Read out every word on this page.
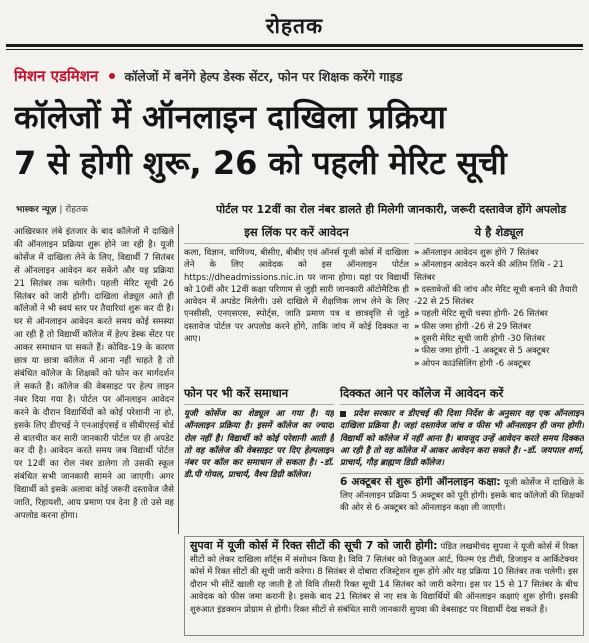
रोहतक
मिशन एडमिशन कॉलेजों में बनेंगे हेल्प डेस्क सेंटर, फोन पर शिक्षक करेंगे गाइड
कॉलेजों में ऑनलाइन दाखिला प्रक्रिया
7 से होगी शुरू, 26 को पहली मेरिट सूची
भास्कर न्यूज़ | रोहतक	पोर्टल पर 12वीं का रोल नंबर डालते ही मिलेगी जानकारी, जरूरी दस्तावेज होंगे अपलोड
आखिरकार लंबे इंतजार के बाद कॉलेजों में दाखिले की ऑनलाइन प्रक्रिया शुरू होने जा रही है। यूजी कोर्सेज में दाखिला लेने के लिए, विद्यार्थी 7 सितंबर से ऑनलाइन आवेदन कर सकेंगे और यह प्रक्रिया 21 सितंबर तक चलेगी। पहली मेरिट सूची 26 सितंबर को जारी होगी। दाखिला शेड्यूल आते ही कॉलेजों ने भी स्वयं स्तर पर तैयारियां शुरू कर दी है। घर से ऑनलाइन आवेदन करते समय कोई समस्या आ रही है तो विद्यार्थी कॉलेज में हेल्प डेस्क सेंटर पर आकर समाधान पा सकते हैं। कोविड-19 के कारण छात्र या छात्रा कॉलेज में आना नहीं चाहते है तो संबंधित कॉलेज के शिक्षकों को फोन कर मार्गदर्शन ले सकते हैं। कॉलेज की वेबसाइट पर हेल्प लाइन नंबर दिया गया है। पोर्टल पर ऑनलाइन आवेदन करने के दौरान विद्यार्थियों को कोई परेशानी ना हो, इसके लिए डीएचई ने एनआईएसई व सीबीएसई बोर्ड से बातचीत कर सारी जानकारी पोर्टल पर ही अपडेट कर दी है। आवेदन करते समय जब विद्यार्थी पोर्टल पर 12वीं का रोल नंबर डालेगा तो उसकी स्कूल संबंधित सभी जानकारी सामने आ जाएगी। अगर विद्यार्थी को इसके अलावा कोई जरूरी दस्तावेज जैसे जाति, रिहायशी, आय प्रमाण पत्र देना है तो उसे वह अपलोड करना होगा।
इस लिंक पर करें आवेदन
कला, विज्ञान, वाणिज्य, बीसीए, बीबीए एवं ऑनर्स यूजी कोर्स में दाखिला लेने के लिए आवेदक को इस ऑनलाइन पोर्टल https://dheadmissions.nic.in पर जाना होगा। यहां पर विद्यार्थी को 10वीं और 12वीं कक्षा परिणाम से जुड़ी सारी जानकारी ऑटोमैटिक ही आवेदन में अपडेट मिलेगी। उसे दाखिले में शैक्षणिक लाभ लेने के लिए एनसीसी, एनएसएस, स्पोर्ट्स, जाति प्रमाण पत्र व छात्रवृत्ति से जुड़े दस्तावेज पोर्टल पर अपलोड करने होंगे, ताकि जांच में कोई दिक्कत ना आए।
ये है शेड्यूल
» ऑनलाइन आवेदन शुरू होंगे 7 सितंबर
» ऑनलाइन आवेदन करने की अंतिम तिथि - 21 सितंबर
» दस्तावेजों की जांच और मेरिट सूची बनाने की तैयारी -22 से 25 सितंबर
» पहली मेरिट सूची चस्पा होगी- 26 सितंबर
» फीस जमा होगी -26 से 29 सितंबर
» दूसरी मेरिट सूची जारी होगी -30 सितंबर
» फीस जमा होगी -1 अक्टूबर से 5 अक्टूबर
» ओपन काउंसिलिंग होगी -6 अक्टूबर
फोन पर भी करें समाधान
यूजी कोर्सेज का शेड्यूल आ गया है। यह ऑनलाइन प्रक्रिया है। इसमें कॉलेज का ज्यादा रोल नहीं है। विद्यार्थी को कोई परेशानी आती है तो वह कॉलेज की वेबसाइट पर दिए हेल्पलाइन नंबर पर कॉल कर समाधान ले सकता है। -डॉ. डी.पी गोयल, प्राचार्य, वैश्य डिग्री कॉलेज।
दिक्कत आने पर कॉलेज में आवेदन करें
प्रदेश सरकार व डीएचई की दिशा निर्देश के अनुसार वह एक ऑनलाइन दाखिला प्रक्रिया है। जहां दस्तावेज जांच व फीस भी ऑनलाइन ही जमा होगी। विद्यार्थी को कॉलेज में नहीं आना है। बावजूद उन्हें आवेदन करते समय दिक्कत आ रही है तो वह कॉलेज में आकर आवेदन करा सकते है। -डॉ. जयपाल शर्मा, प्राचार्य, गौड़ ब्राह्मण डिग्री कॉलेज।
6 अक्टूबर से शुरू होगी ऑनलाइन कक्षा: यूजी कोर्सेज में दाखिले के लिए ऑनलाइन प्रक्रिया 5 अक्टूबर को पूरी होगी। इसके बाद कॉलेजों की शिक्षकों की ओर से 6 अक्टूबर को ऑनलाइन कक्षा ली जाएगी।
सुपवा में यूजी कोर्स में रिक्त सीटों की सूची 7 को जारी होगी: पंडित लखमीचंद सुपवा ने यूजी कोर्स में रिक्त सीटों को लेकर दाखिला शॉर्ट्स में संशोधन किया है। विवि 7 सितंबर को विजुअल आर्ट, फिल्म एंड टीवी, डिजाइन व आर्किटेक्चर कोर्स में रिक्त सीटों की सूची जारी करेगा। 8 सितंबर से दोबारा रजिस्ट्रेशन शुरू होंगे और यह प्रक्रिया 10 सितंबर तक चलेगी। इस दौरान भी सीटें खाली रह जाती है तो विवि तीसरी रिक्त सूची 14 सितंबर को जारी करेगा। इस पर 15 से 17 सितंबर के बीच आवेदक को फीस जमा करानी है। इसके बाद 21 सितंबर से नए सत्र के विद्यार्थियों की ऑनलाइन कक्षाएं शुरू होंगी। इसकी शुरुआत इंडक्शन प्रोग्राम से होगी। रिक्त सीटों से संबंधित सारी जानकारी सुपवा की वेबसाइट पर विद्यार्थी देख सकते हैं।
